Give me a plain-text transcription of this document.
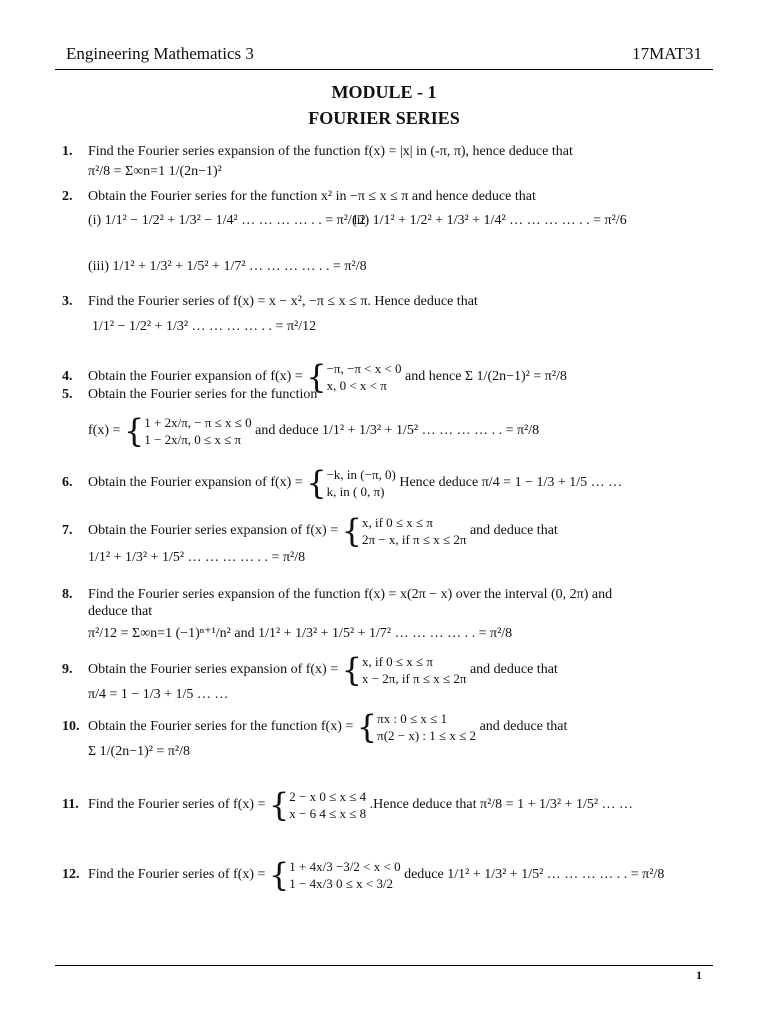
Engineering Mathematics 3	17MAT31
MODULE - 1
FOURIER SERIES
1. Find the Fourier series expansion of the function f(x) = |x| in (-π, π), hence deduce that
π²/8 = Σ∞n=1 1/(2n−1)²
2. Obtain the Fourier series for the function x² in −π ≤ x ≤ π and hence deduce that
(i) 1/1² − 1/2² + 1/3² − 1/4² … … … … . . = π²/12
(ii) 1/1² + 1/2² + 1/3² + 1/4² … … … … . . = π²/6
(iii) 1/1² + 1/3² + 1/5² + 1/7² … … … … . . = π²/8
3. Find the Fourier series of f(x) = x − x², −π ≤ x ≤ π. Hence deduce that
1/1² − 1/2² + 1/3² … … … … . . = π²/12
4. Obtain the Fourier expansion of f(x) = { −π, −π < x < 0
x, 0 < x < π
and hence Σ 1/(2n−1)² = π²/8
5. Obtain the Fourier series for the function
f(x) = { 1 + 2x/π, − π ≤ x ≤ 0
1 − 2x/π, 0 ≤ x ≤ π
and deduce 1/1² + 1/3² + 1/5² … … … … . . = π²/8
6. Obtain the Fourier expansion of f(x) = { −k, in (−π, 0)
k, in ( 0, π)
Hence deduce π/4 = 1 − 1/3 + 1/5 … …
7. Obtain the Fourier series expansion of f(x) = { x, if 0 ≤ x ≤ π
2π − x, if π ≤ x ≤ 2π
and deduce that
1/1² + 1/3² + 1/5² … … … … . . = π²/8
8. Find the Fourier series expansion of the function f(x) = x(2π − x) over the interval (0, 2π) and
deduce that
π²/12 = Σ∞n=1 (−1)ⁿ⁺¹/n² and 1/1² + 1/3² + 1/5² + 1/7² … … … … . . = π²/8
9. Obtain the Fourier series expansion of f(x) = { x, if 0 ≤ x ≤ π
x − 2π, if π ≤ x ≤ 2π
and deduce that
π/4 = 1 − 1/3 + 1/5 … …
10. Obtain the Fourier series for the function f(x) = { πx : 0 ≤ x ≤ 1
π(2 − x) : 1 ≤ x ≤ 2
and deduce that
Σ 1/(2n−1)² = π²/8
11. Find the Fourier series of f(x) = { 2 − x 0 ≤ x ≤ 4
x − 6 4 ≤ x ≤ 8
.Hence deduce that π²/8 = 1 + 1/3² + 1/5² … …
12. Find the Fourier series of f(x) = { 1 + 4x/3 −3/2 < x < 0
1 − 4x/3 0 ≤ x < 3/2
deduce 1/1² + 1/3² + 1/5² … … … … . . = π²/8
1
